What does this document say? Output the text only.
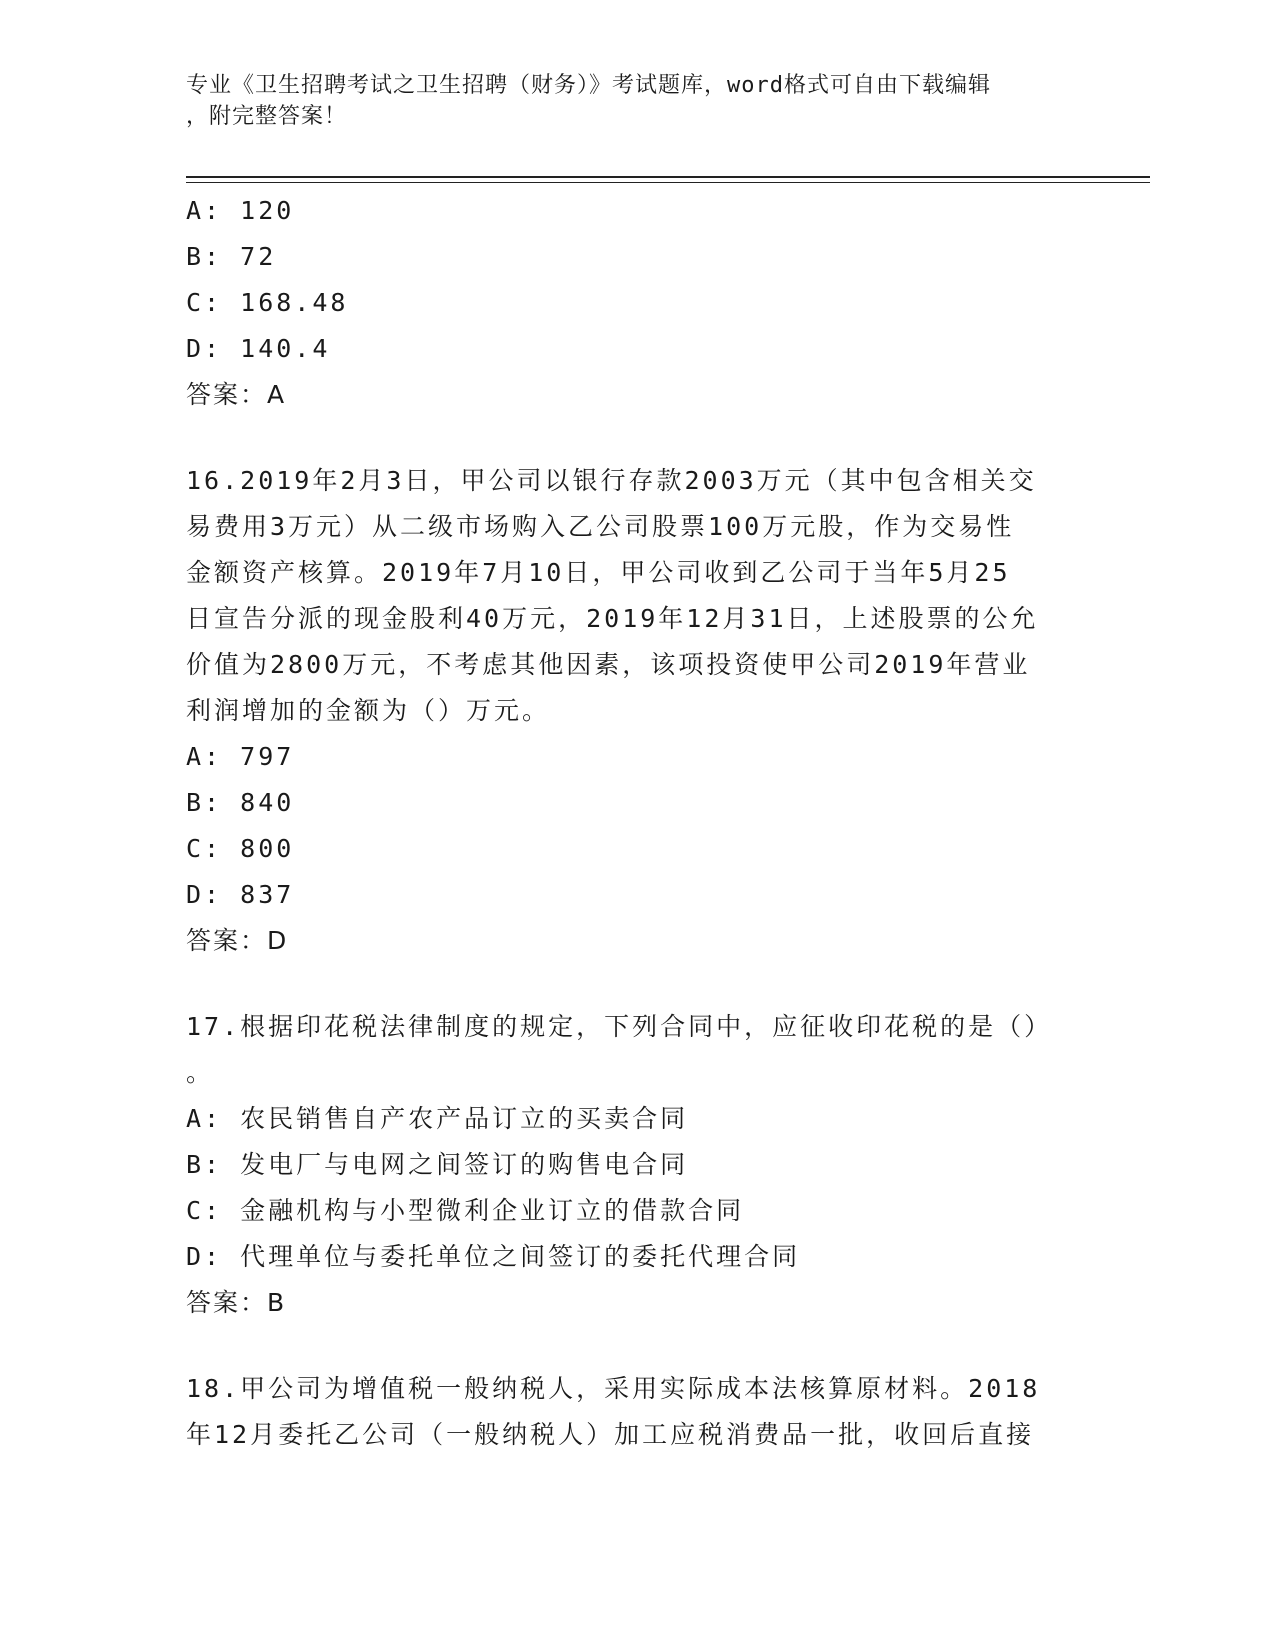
专业《卫生招聘考试之卫生招聘（财务）》考试题库，word格式可自由下载编辑
，附完整答案！
A: 120
B: 72
C: 168.48
D: 140.4
答案：A
16.2019年2月3日，甲公司以银行存款2003万元（其中包含相关交
易费用3万元）从二级市场购入乙公司股票100万元股，作为交易性
金额资产核算。2019年7月10日，甲公司收到乙公司于当年5月25
日宣告分派的现金股利40万元，2019年12月31日，上述股票的公允
价值为2800万元，不考虑其他因素，该项投资使甲公司2019年营业
利润增加的金额为（）万元。
A: 797
B: 840
C: 800
D: 837
答案：D
17.根据印花税法律制度的规定，下列合同中，应征收印花税的是（）
。
A: 农民销售自产农产品订立的买卖合同
B: 发电厂与电网之间签订的购售电合同
C: 金融机构与小型微利企业订立的借款合同
D: 代理单位与委托单位之间签订的委托代理合同
答案：B
18.甲公司为增值税一般纳税人，采用实际成本法核算原材料。2018
年12月委托乙公司（一般纳税人）加工应税消费品一批，收回后直接
